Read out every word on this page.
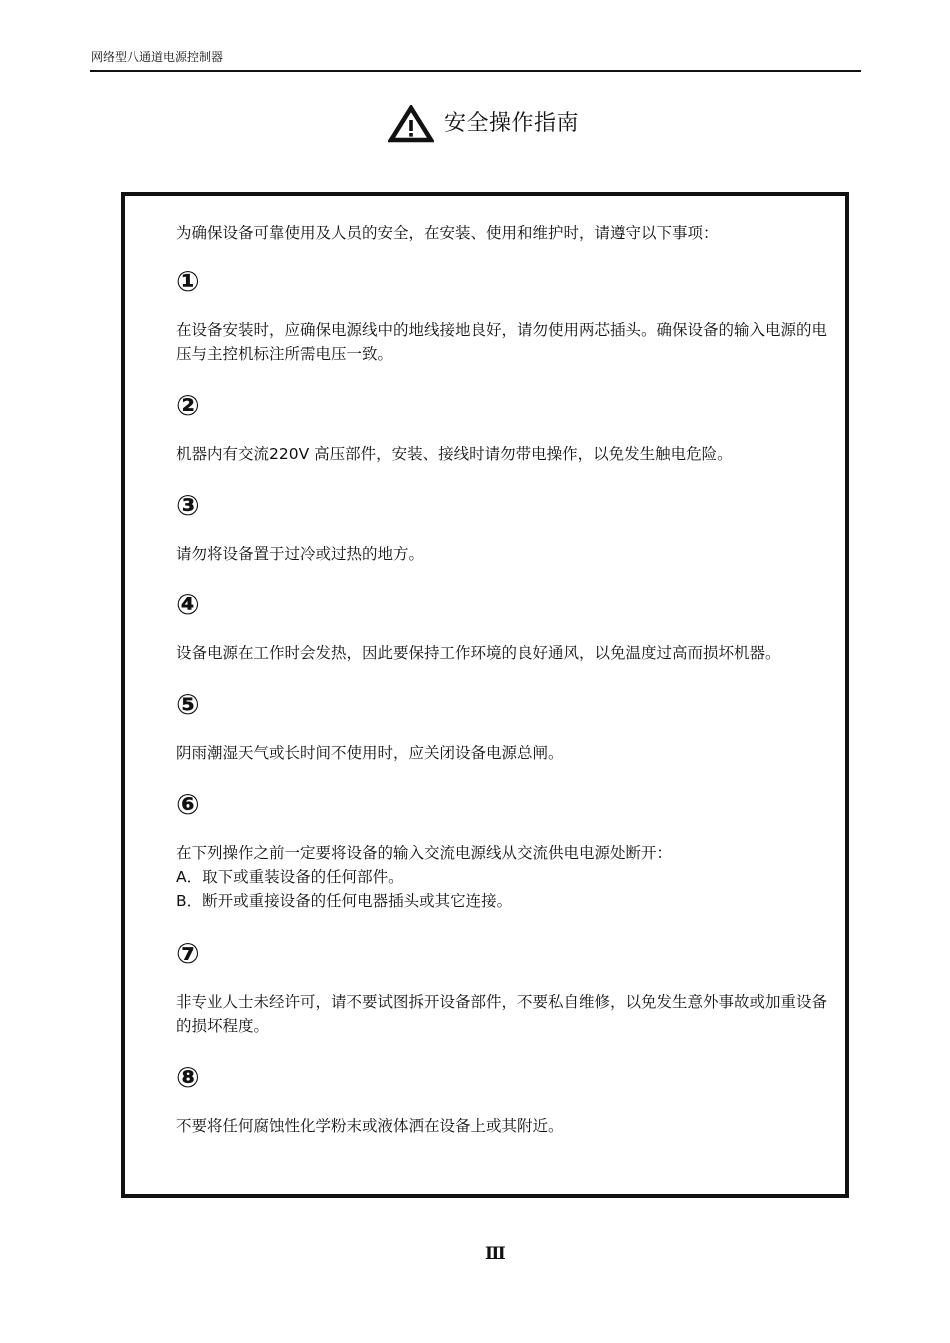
网络型八通道电源控制器
安全操作指南
为确保设备可靠使用及人员的安全，在安装、使用和维护时，请遵守以下事项：
①
在设备安装时，应确保电源线中的地线接地良好，请勿使用两芯插头。确保设备的输入电源的电压与主控机标注所需电压一致。
②
机器内有交流220V 高压部件，安装、接线时请勿带电操作，以免发生触电危险。
③
请勿将设备置于过冷或过热的地方。
④
设备电源在工作时会发热，因此要保持工作环境的良好通风，以免温度过高而损坏机器。
⑤
阴雨潮湿天气或长时间不使用时，应关闭设备电源总闸。
⑥
在下列操作之前一定要将设备的输入交流电源线从交流供电电源处断开：
A．取下或重装设备的任何部件。
B．断开或重接设备的任何电器插头或其它连接。
⑦
非专业人士未经许可，请不要试图拆开设备部件，不要私自维修，以免发生意外事故或加重设备的损坏程度。
⑧
不要将任何腐蚀性化学粉末或液体洒在设备上或其附近。
Ⅲ
